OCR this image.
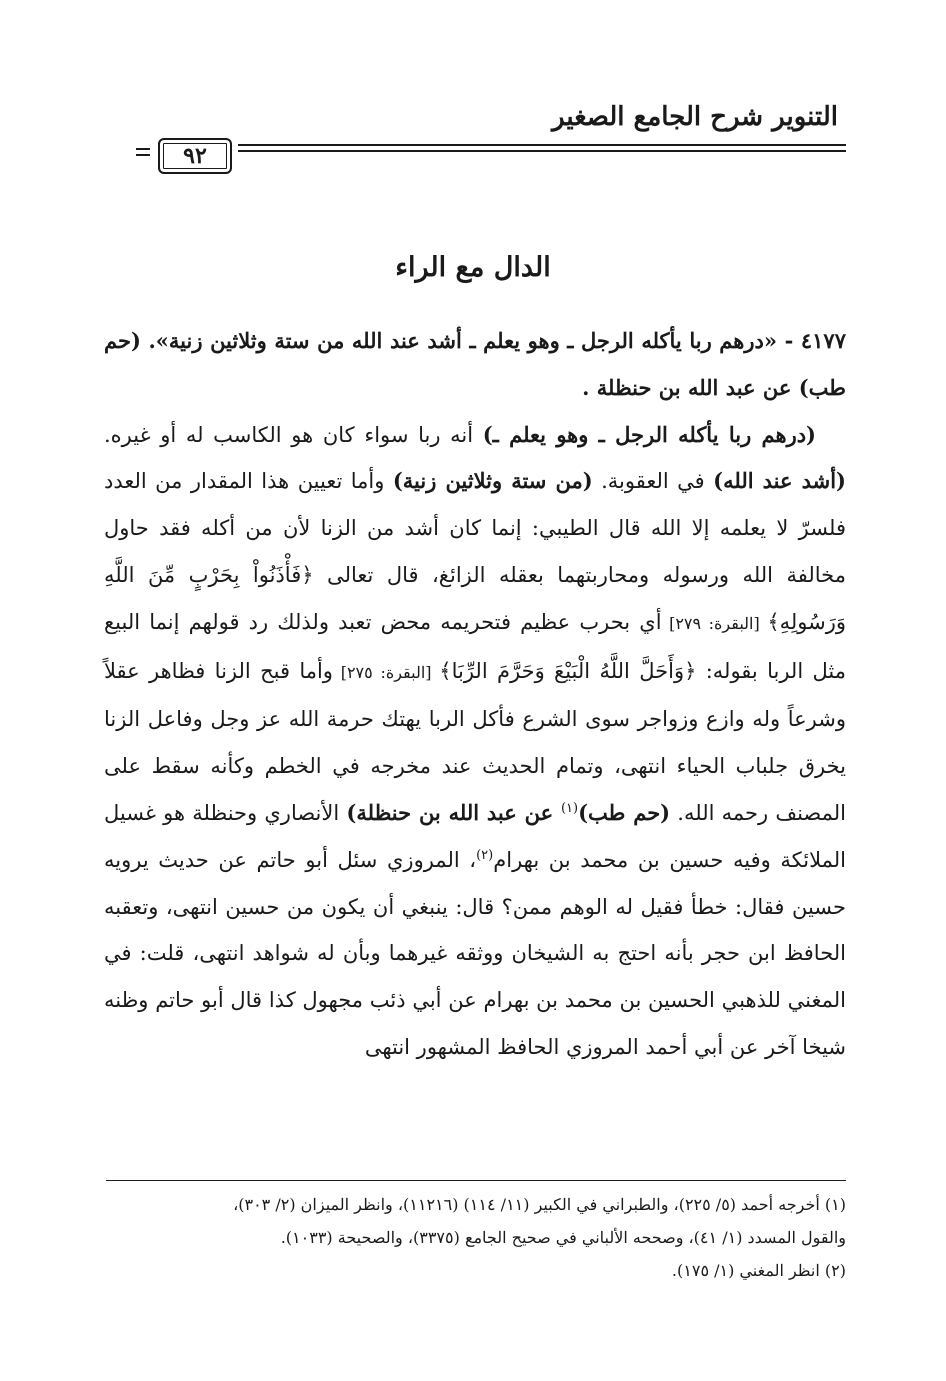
التنوير شرح الجامع الصغير
٩٢
الدال مع الراء

٤١٧٧ - «درهم ربا يأكله الرجل ـ وهو يعلم ـ أشد عند الله من ستة وثلاثين زنية». (حم طب) عن عبد الله بن حنظلة .

(درهم ربا يأكله الرجل ـ وهو يعلم ـ) أنه ربا سواء كان هو الكاسب له أو غيره. (أشد عند الله) في العقوبة. (من ستة وثلاثين زنية) وأما تعيين هذا المقدار من العدد فلسرّ لا يعلمه إلا الله قال الطيبي: إنما كان أشد من الزنا لأن من أكله فقد حاول مخالفة الله ورسوله ومحاربتهما بعقله الزائغ، قال تعالى ﴿فَأْذَنُواْ بِحَرْبٍ مِّنَ اللَّهِ وَرَسُولِهِ﴾ [البقرة: ٢٧٩] أي بحرب عظيم فتحريمه محض تعبد ولذلك رد قولهم إنما البيع مثل الربا بقوله: ﴿وَأَحَلَّ اللَّهُ الْبَيْعَ وَحَرَّمَ الرِّبَا﴾ [البقرة: ٢٧٥] وأما قبح الزنا فظاهر عقلاً وشرعاً وله وازع وزواجر سوى الشرع فأكل الربا يهتك حرمة الله عز وجل وفاعل الزنا يخرق جلباب الحياء انتهى، وتمام الحديث عند مخرجه في الخطم وكأنه سقط على المصنف رحمه الله. (حم طب)$^{(١)}$ عن عبد الله بن حنظلة) الأنصاري وحنظلة هو غسيل الملائكة وفيه حسين بن محمد بن بهرام$^{(٢)}$، المروزي سئل أبو حاتم عن حديث يرويه حسين فقال: خطأ فقيل له الوهم ممن؟ قال: ينبغي أن يكون من حسين انتهى، وتعقبه الحافظ ابن حجر بأنه احتج به الشيخان ووثقه غيرهما وبأن له شواهد انتهى، قلت: في المغني للذهبي الحسين بن محمد بن بهرام عن أبي ذئب مجهول كذا قال أبو حاتم وظنه شيخا آخر عن أبي أحمد المروزي الحافظ المشهور انتهى

(١) أخرجه أحمد (٥/ ٢٢٥)، والطبراني في الكبير (١١/ ١١٤) (١١٢١٦)، وانظر الميزان (٢/ ٣٠٣)،
والقول المسدد (١/ ٤١)، وصححه الألباني في صحيح الجامع (٣٣٧٥)، والصحيحة (١٠٣٣).
(٢) انظر المغني (١/ ١٧٥).
